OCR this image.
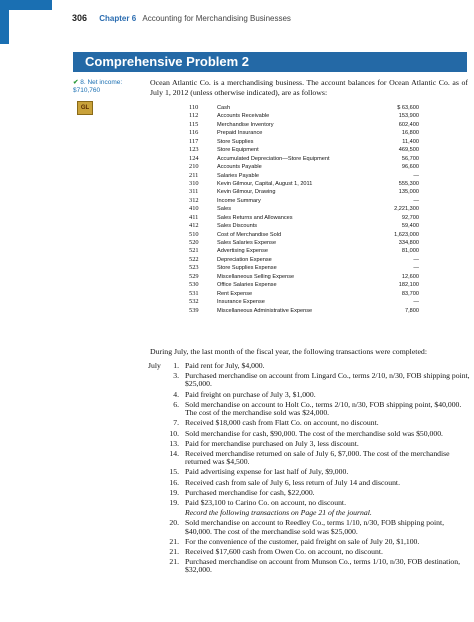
306 Chapter 6 Accounting for Merchandising Businesses
Comprehensive Problem 2
✔ 8. Net income: $710,760
GL
Ocean Atlantic Co. is a merchandising business. The account balances for Ocean Atlantic Co. as of July 1, 2012 (unless otherwise indicated), are as follows:
110	Cash	$ 63,600
112	Accounts Receivable	153,900
115	Merchandise Inventory	602,400
116	Prepaid Insurance	16,800
117	Store Supplies	11,400
123	Store Equipment	469,500
124	Accumulated Depreciation—Store Equipment	56,700
210	Accounts Payable	96,600
211	Salaries Payable	—
310	Kevin Gilmour, Capital, August 1, 2011	555,300
311	Kevin Gilmour, Drawing	135,000
312	Income Summary	—
410	Sales	2,221,300
411	Sales Returns and Allowances	92,700
412	Sales Discounts	59,400
510	Cost of Merchandise Sold	1,623,000
520	Sales Salaries Expense	334,800
521	Advertising Expense	81,000
522	Depreciation Expense	—
523	Store Supplies Expense	—
529	Miscellaneous Selling Expense	12,600
530	Office Salaries Expense	182,100
531	Rent Expense	83,700
532	Insurance Expense	—
539	Miscellaneous Administrative Expense	7,800
During July, the last month of the fiscal year, the following transactions were completed:
July	1. Paid rent for July, $4,000.
3. Purchased merchandise on account from Lingard Co., terms 2/10, n/30, FOB shipping point, $25,000.
4. Paid freight on purchase of July 3, $1,000.
6. Sold merchandise on account to Holt Co., terms 2/10, n/30, FOB shipping point, $40,000. The cost of the merchandise sold was $24,000.
7. Received $18,000 cash from Flatt Co. on account, no discount.
10. Sold merchandise for cash, $90,000. The cost of the merchandise sold was $50,000.
13. Paid for merchandise purchased on July 3, less discount.
14. Received merchandise returned on sale of July 6, $7,000. The cost of the merchandise returned was $4,500.
15. Paid advertising expense for last half of July, $9,000.
16. Received cash from sale of July 6, less return of July 14 and discount.
19. Purchased merchandise for cash, $22,000.
19. Paid $23,100 to Carino Co. on account, no discount.
Record the following transactions on Page 21 of the journal.
20. Sold merchandise on account to Reedley Co., terms 1/10, n/30, FOB shipping point, $40,000. The cost of the merchandise sold was $25,000.
21. For the convenience of the customer, paid freight on sale of July 20, $1,100.
21. Received $17,600 cash from Owen Co. on account, no discount.
21. Purchased merchandise on account from Munson Co., terms 1/10, n/30, FOB destination, $32,000.
